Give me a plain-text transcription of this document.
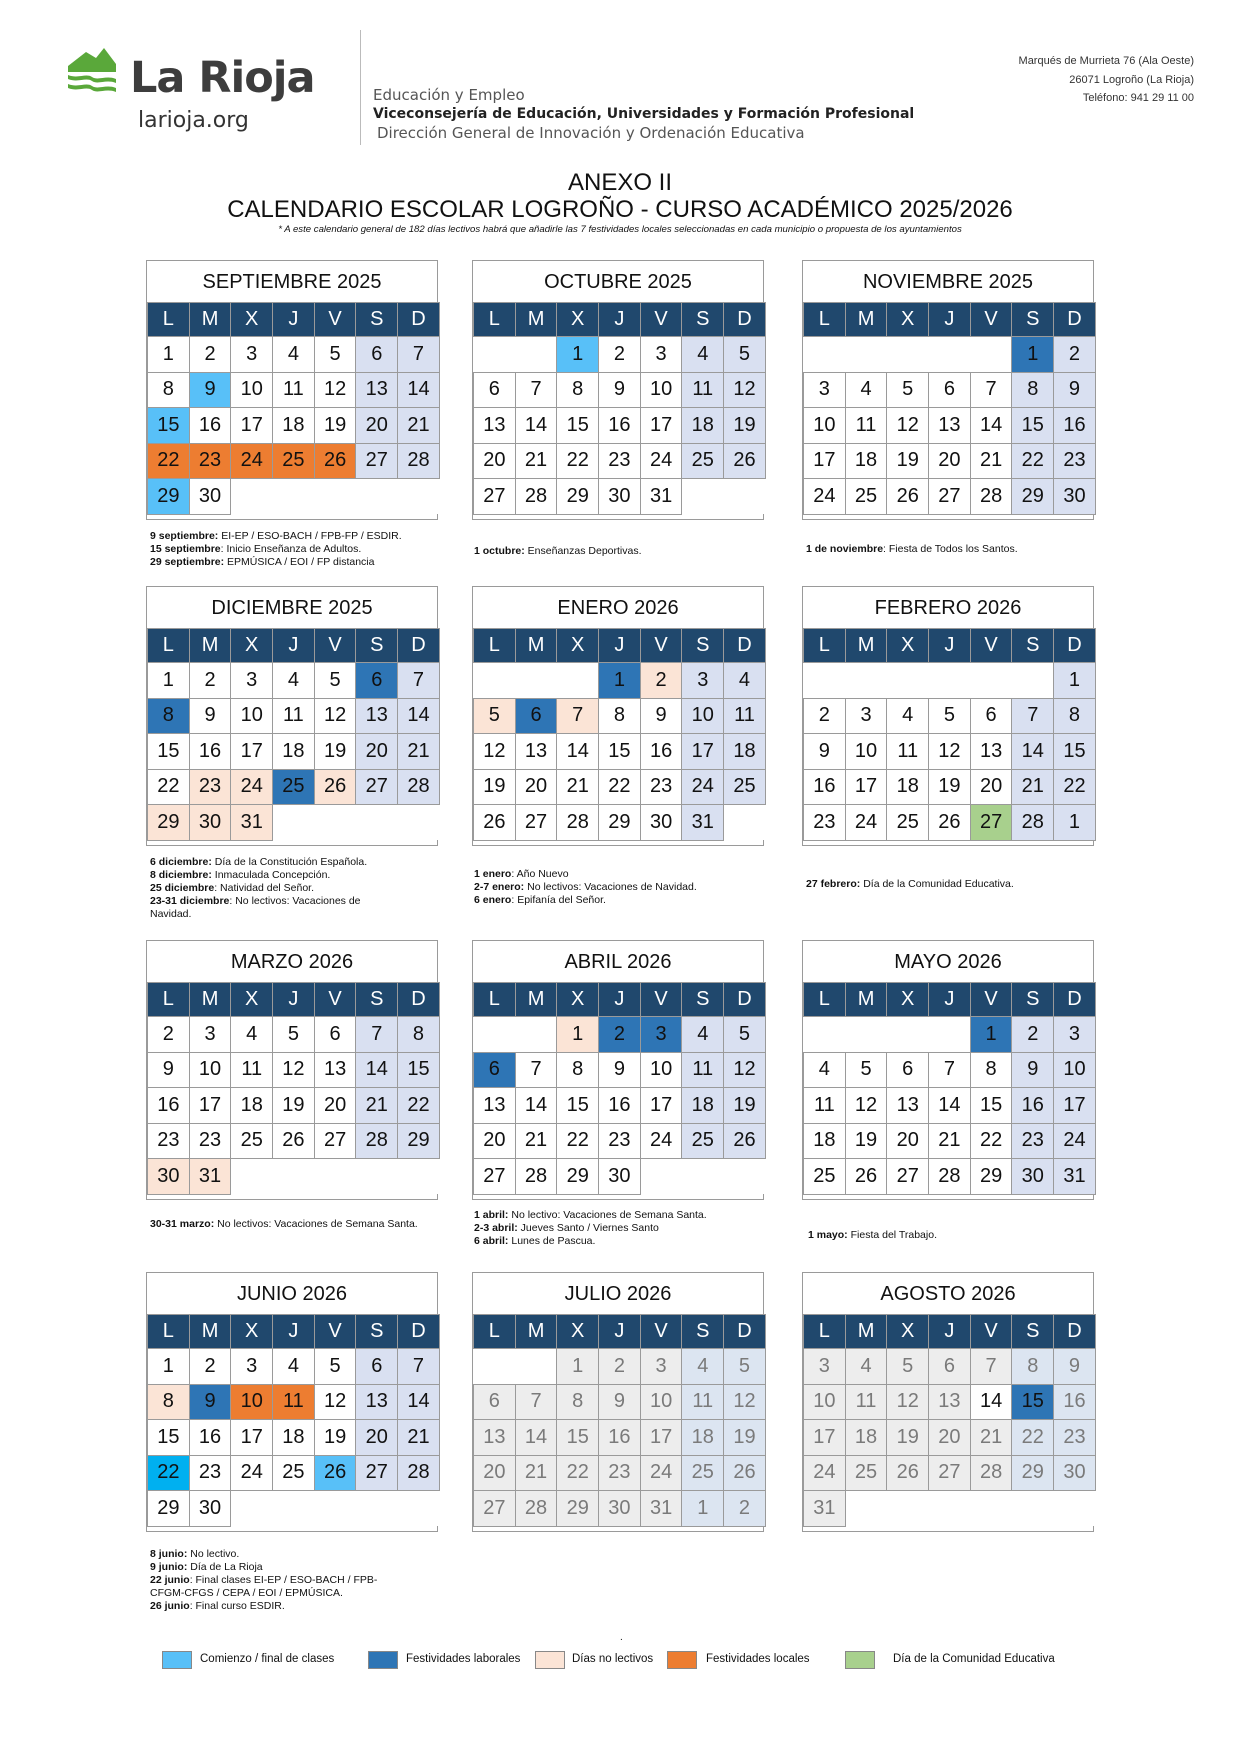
La Rioja
larioja.org
Educación y Empleo
Viceconsejería de Educación, Universidades y Formación Profesional
Dirección General de Innovación y Ordenación Educativa
Marqués de Murrieta 76 (Ala Oeste)
26071 Logroño (La Rioja)
Teléfono: 941 29 11 00
ANEXO II
CALENDARIO ESCOLAR LOGROÑO - CURSO ACADÉMICO 2025/2026
* A este calendario general de 182 días lectivos habrá que añadirle las 7 festividades locales seleccionadas en cada municipio o propuesta de los ayuntamientos
SEPTIEMBRE 2025
L	M	X	J	V	S	D
1	2	3	4	5	6	7
8	9	10	11	12	13	14
15	16	17	18	19	20	21
22	23	24	25	26	27	28
29	30					
OCTUBRE 2025
L	M	X	J	V	S	D
		1	2	3	4	5
6	7	8	9	10	11	12
13	14	15	16	17	18	19
20	21	22	23	24	25	26
27	28	29	30	31		
NOVIEMBRE 2025
L	M	X	J	V	S	D
					1	2
3	4	5	6	7	8	9
10	11	12	13	14	15	16
17	18	19	20	21	22	23
24	25	26	27	28	29	30
DICIEMBRE 2025
L	M	X	J	V	S	D
1	2	3	4	5	6	7
8	9	10	11	12	13	14
15	16	17	18	19	20	21
22	23	24	25	26	27	28
29	30	31				
ENERO 2026
L	M	X	J	V	S	D
			1	2	3	4
5	6	7	8	9	10	11
12	13	14	15	16	17	18
19	20	21	22	23	24	25
26	27	28	29	30	31	
FEBRERO 2026
L	M	X	J	V	S	D
						1
2	3	4	5	6	7	8
9	10	11	12	13	14	15
16	17	18	19	20	21	22
23	24	25	26	27	28	1
MARZO 2026
L	M	X	J	V	S	D
2	3	4	5	6	7	8
9	10	11	12	13	14	15
16	17	18	19	20	21	22
23	23	25	26	27	28	29
30	31					
ABRIL 2026
L	M	X	J	V	S	D
		1	2	3	4	5
6	7	8	9	10	11	12
13	14	15	16	17	18	19
20	21	22	23	24	25	26
27	28	29	30			
MAYO 2026
L	M	X	J	V	S	D
				1	2	3
4	5	6	7	8	9	10
11	12	13	14	15	16	17
18	19	20	21	22	23	24
25	26	27	28	29	30	31
JUNIO 2026
L	M	X	J	V	S	D
1	2	3	4	5	6	7
8	9	10	11	12	13	14
15	16	17	18	19	20	21
22	23	24	25	26	27	28
29	30					
JULIO 2026
L	M	X	J	V	S	D
		1	2	3	4	5
6	7	8	9	10	11	12
13	14	15	16	17	18	19
20	21	22	23	24	25	26
27	28	29	30	31	1	2
AGOSTO 2026
L	M	X	J	V	S	D
3	4	5	6	7	8	9
10	11	12	13	14	15	16
17	18	19	20	21	22	23
24	25	26	27	28	29	30
31						
9 septiembre: EI-EP / ESO-BACH / FPB-FP / ESDIR.
15 septiembre: Inicio Enseñanza de Adultos.
29 septiembre: EPMÚSICA / EOI / FP distancia
1 octubre: Enseñanzas Deportivas.	1 de noviembre: Fiesta de Todos los Santos.
6 diciembre: Día de la Constitución Española.
8 diciembre: Inmaculada Concepción.
25 diciembre: Natividad del Señor.
23-31 diciembre: No lectivos: Vacaciones de Navidad.
1 enero: Año Nuevo
2-7 enero: No lectivos: Vacaciones de Navidad.
6 enero: Epifanía del Señor.
27 febrero: Día de la Comunidad Educativa.
30-31 marzo: No lectivos: Vacaciones de Semana Santa.
1 abril: No lectivo: Vacaciones de Semana Santa.
2-3 abril: Jueves Santo / Viernes Santo
6 abril: Lunes de Pascua.	1 mayo: Fiesta del Trabajo.
8 junio: No lectivo.
9 junio: Día de La Rioja
22 junio: Final clases EI-EP / ESO-BACH / FPB-CFGM-CFGS / CEPA / EOI / EPMÚSICA.
26 junio: Final curso ESDIR.
.
Comienzo / final de clases	Festividades laborales	Días no lectivos	Festividades locales	Día de la Comunidad Educativa
